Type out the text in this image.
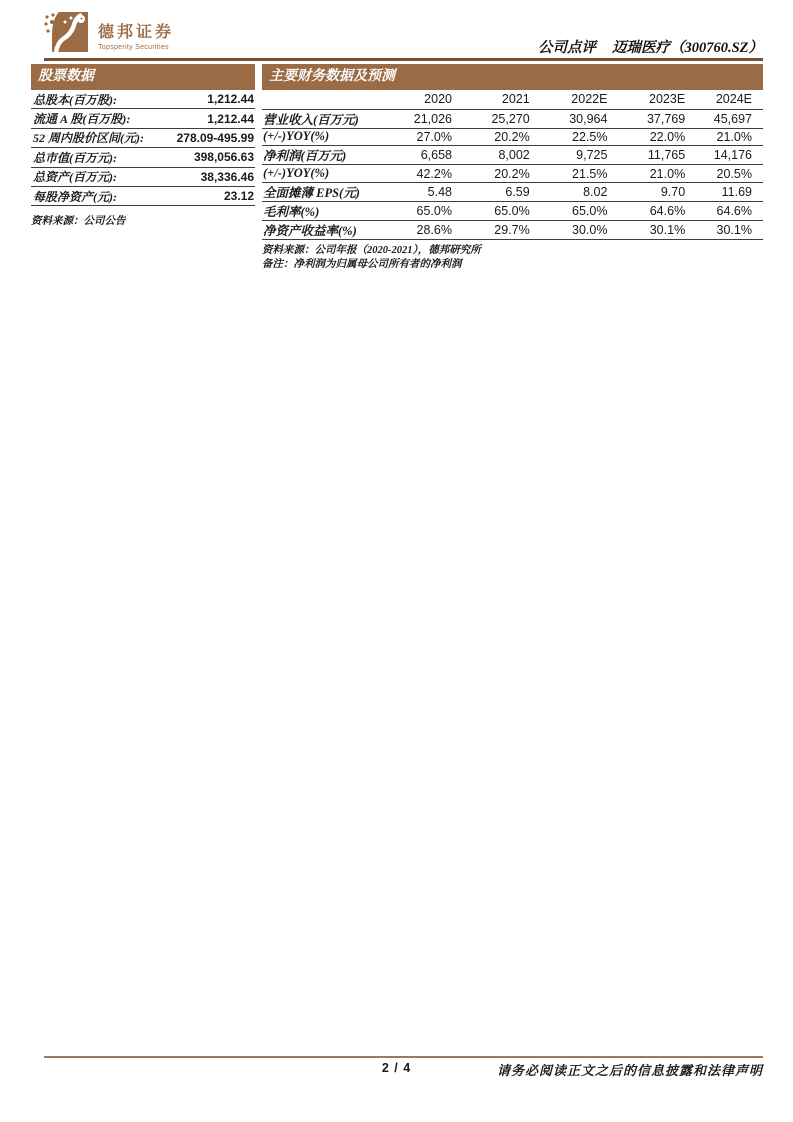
德邦证券
Topsperity Securities	公司点评 迈瑞医疗（300760.SZ）
股票数据
总股本(百万股):	1,212.44
流通 A 股(百万股):	1,212.44
52 周内股价区间(元):	278.09-495.99
总市值(百万元):	398,056.63
总资产(百万元):	38,336.46
每股净资产(元):	23.12
资料来源：公司公告
主要财务数据及预测
	2020	2021	2022E	2023E	2024E
营业收入(百万元)	21,026	25,270	30,964	37,769	45,697
(+/-)YOY(%)	27.0%	20.2%	22.5%	22.0%	21.0%
净利润(百万元)	6,658	8,002	9,725	11,765	14,176
(+/-)YOY(%)	42.2%	20.2%	21.5%	21.0%	20.5%
全面摊薄 EPS(元)	5.48	6.59	8.02	9.70	11.69
毛利率(%)	65.0%	65.0%	65.0%	64.6%	64.6%
净资产收益率(%)	28.6%	29.7%	30.0%	30.1%	30.1%
资料来源：公司年报（2020-2021），德邦研究所
备注：净利润为归属母公司所有者的净利润
2 / 4	请务必阅读正文之后的信息披露和法律声明
